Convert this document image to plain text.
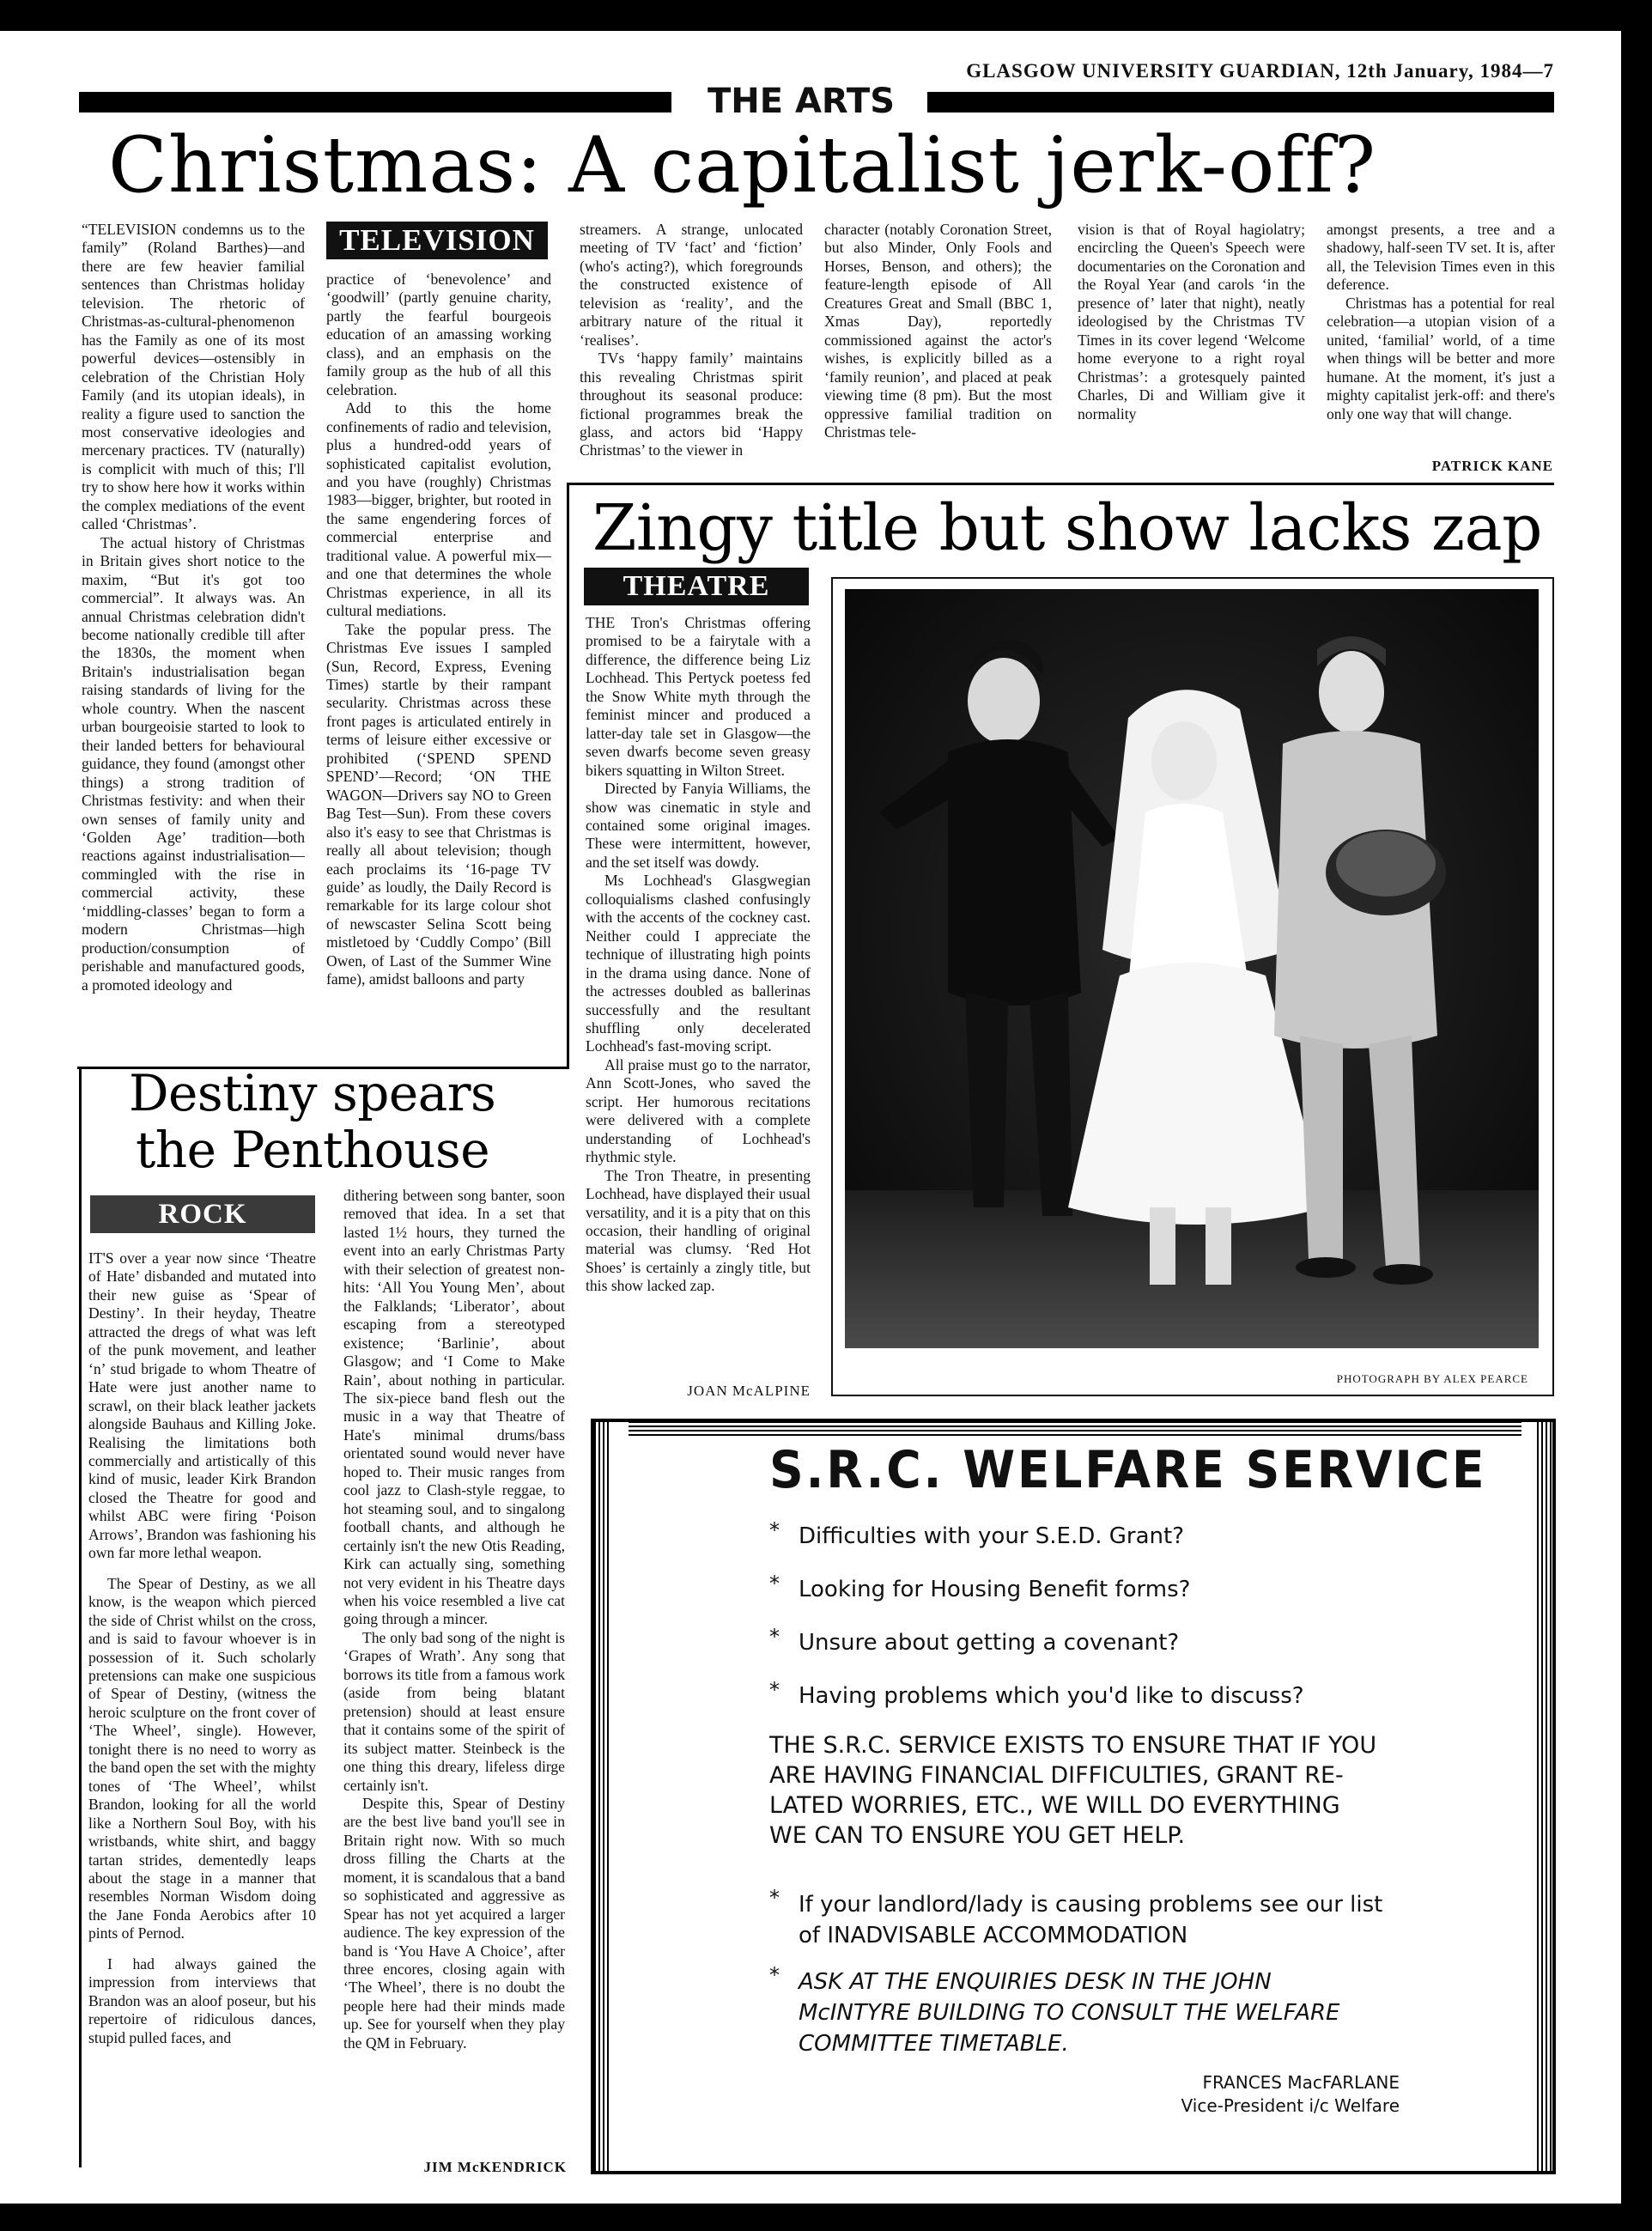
GLASGOW UNIVERSITY GUARDIAN, 12th January, 1984—7
THE ARTS
Christmas: A capitalist jerk-off?

“TELEVISION condemns us to the family” (Roland Barthes)—and there are few heavier familial sentences than Christmas holiday television. The rhetoric of Christmas-as-cultural-phenomenon has the Family as one of its most powerful devices—ostensibly in celebration of the Christian Holy Family (and its utopian ideals), in reality a figure used to sanction the most conservative ideologies and mercenary practices. TV (naturally) is complicit with much of this; I'll try to show here how it works within the complex mediations of the event called ‘Christmas’.

The actual history of Christmas in Britain gives short notice to the maxim, “But it's got too commercial”. It always was. An annual Christmas celebration didn't become nationally credible till after the 1830s, the moment when Britain's industrialisation began raising standards of living for the whole country. When the nascent urban bourgeoisie started to look to their landed betters for behavioural guidance, they found (amongst other things) a strong tradition of Christmas festivity: and when their own senses of family unity and ‘Golden Age’ tradition—both reactions against industrialisation—commingled with the rise in commercial activity, these ‘middling-classes’ began to form a modern Christmas—high production/consumption of perishable and manufactured goods, a promoted ideology and

TELEVISION

practice of ‘benevolence’ and ‘goodwill’ (partly genuine charity, partly the fearful bourgeois education of an amassing working class), and an emphasis on the family group as the hub of all this celebration.

Add to this the home confinements of radio and television, plus a hundred-odd years of sophisticated capitalist evolution, and you have (roughly) Christmas 1983—bigger, brighter, but rooted in the same engendering forces of commercial enterprise and traditional value. A powerful mix—and one that determines the whole Christmas experience, in all its cultural mediations.

Take the popular press. The Christmas Eve issues I sampled (Sun, Record, Express, Evening Times) startle by their rampant secularity. Christmas across these front pages is articulated entirely in terms of leisure either excessive or prohibited (‘SPEND SPEND SPEND’—Record; ‘ON THE WAGON—Drivers say NO to Green Bag Test—Sun). From these covers also it's easy to see that Christmas is really all about television; though each proclaims its ‘16-page TV guide’ as loudly, the Daily Record is remarkable for its large colour shot of newscaster Selina Scott being mistletoed by ‘Cuddly Compo’ (Bill Owen, of Last of the Summer Wine fame), amidst balloons and party

streamers. A strange, unlocated meeting of TV ‘fact’ and ‘fiction’ (who's acting?), which foregrounds the constructed existence of television as ‘reality’, and the arbitrary nature of the ritual it ‘realises’.

TVs ‘happy family’ maintains this revealing Christmas spirit throughout its seasonal produce: fictional programmes break the glass, and actors bid ‘Happy Christmas’ to the viewer in

character (notably Coronation Street, but also Minder, Only Fools and Horses, Benson, and others); the feature-length episode of All Creatures Great and Small (BBC 1, Xmas Day), reportedly commissioned against the actor's wishes, is explicitly billed as a ‘family reunion’, and placed at peak viewing time (8 pm). But the most oppressive familial tradition on Christmas tele-

vision is that of Royal hagiolatry; encircling the Queen's Speech were documentaries on the Coronation and the Royal Year (and carols ‘in the presence of’ later that night), neatly ideologised by the Christmas TV Times in its cover legend ‘Welcome home everyone to a right royal Christmas’: a grotesquely painted Charles, Di and William give it normality

amongst presents, a tree and a shadowy, half-seen TV set. It is, after all, the Television Times even in this deference.

Christmas has a potential for real celebration—a utopian vision of a united, ‘familial’ world, of a time when things will be better and more humane. At the moment, it's just a mighty capitalist jerk-off: and there's only one way that will change.

PATRICK KANE
Zingy title but show lacks zap
THEATRE

THE Tron's Christmas offering promised to be a fairytale with a difference, the difference being Liz Lochhead. This Pertyck poetess fed the Snow White myth through the feminist mincer and produced a latter-day tale set in Glasgow—the seven dwarfs become seven greasy bikers squatting in Wilton Street.

Directed by Fanyia Williams, the show was cinematic in style and contained some original images. These were intermittent, however, and the set itself was dowdy.

Ms Lochhead's Glasgwegian colloquialisms clashed confusingly with the accents of the cockney cast. Neither could I appreciate the technique of illustrating high points in the drama using dance. None of the actresses doubled as ballerinas successfully and the resultant shuffling only decelerated Lochhead's fast-moving script.

All praise must go to the narrator, Ann Scott-Jones, who saved the script. Her humorous recitations were delivered with a complete understanding of Lochhead's rhythmic style.

The Tron Theatre, in presenting Lochhead, have displayed their usual versatility, and it is a pity that on this occasion, their handling of original material was clumsy. ‘Red Hot Shoes’ is certainly a zingly title, but this show lacked zap.

JOAN McALPINE
PHOTOGRAPH BY ALEX PEARCE
Destiny spears
the Penthouse
ROCK

IT'S over a year now since ‘Theatre of Hate’ disbanded and mutated into their new guise as ‘Spear of Destiny’. In their heyday, Theatre attracted the dregs of what was left of the punk movement, and leather ‘n’ stud brigade to whom Theatre of Hate were just another name to scrawl, on their black leather jackets alongside Bauhaus and Killing Joke. Realising the limitations both commercially and artistically of this kind of music, leader Kirk Brandon closed the Theatre for good and whilst ABC were firing ‘Poison Arrows’, Brandon was fashioning his own far more lethal weapon.

The Spear of Destiny, as we all know, is the weapon which pierced the side of Christ whilst on the cross, and is said to favour whoever is in possession of it. Such scholarly pretensions can make one suspicious of Spear of Destiny, (witness the heroic sculpture on the front cover of ‘The Wheel’, single). However, tonight there is no need to worry as the band open the set with the mighty tones of ‘The Wheel’, whilst Brandon, looking for all the world like a Northern Soul Boy, with his wristbands, white shirt, and baggy tartan strides, dementedly leaps about the stage in a manner that resembles Norman Wisdom doing the Jane Fonda Aerobics after 10 pints of Pernod.

I had always gained the impression from interviews that Brandon was an aloof poseur, but his repertoire of ridiculous dances, stupid pulled faces, and

dithering between song banter, soon removed that idea. In a set that lasted 1½ hours, they turned the event into an early Christmas Party with their selection of greatest non-hits: ‘All You Young Men’, about the Falklands; ‘Liberator’, about escaping from a stereotyped existence; ‘Barlinie’, about Glasgow; and ‘I Come to Make Rain’, about nothing in particular. The six-piece band flesh out the music in a way that Theatre of Hate's minimal drums/bass orientated sound would never have hoped to. Their music ranges from cool jazz to Clash-style reggae, to hot steaming soul, and to singalong football chants, and although he certainly isn't the new Otis Reading, Kirk can actually sing, something not very evident in his Theatre days when his voice resembled a live cat going through a mincer.

The only bad song of the night is ‘Grapes of Wrath’. Any song that borrows its title from a famous work (aside from being blatant pretension) should at least ensure that it contains some of the spirit of its subject matter. Steinbeck is the one thing this dreary, lifeless dirge certainly isn't.

Despite this, Spear of Destiny are the best live band you'll see in Britain right now. With so much dross filling the Charts at the moment, it is scandalous that a band so sophisticated and aggressive as Spear has not yet acquired a larger audience. The key expression of the band is ‘You Have A Choice’, after three encores, closing again with ‘The Wheel’, there is no doubt the people here had their minds made up. See for yourself when they play the QM in February.

JIM McKENDRICK
S.R.C. WELFARE SERVICE
* Difficulties with your S.E.D. Grant?
* Looking for Housing Benefit forms?
* Unsure about getting a covenant?
* Having problems which you'd like to discuss?
THE S.R.C. SERVICE EXISTS TO ENSURE THAT IF YOU
ARE HAVING FINANCIAL DIFFICULTIES, GRANT RE-
LATED WORRIES, ETC., WE WILL DO EVERYTHING
WE CAN TO ENSURE YOU GET HELP.
* If your landlord/lady is causing problems see our list
of INADVISABLE ACCOMMODATION
* ASK AT THE ENQUIRIES DESK IN THE JOHN
McINTYRE BUILDING TO CONSULT THE WELFARE
COMMITTEE TIMETABLE.
FRANCES MacFARLANE
Vice-President i/c Welfare
